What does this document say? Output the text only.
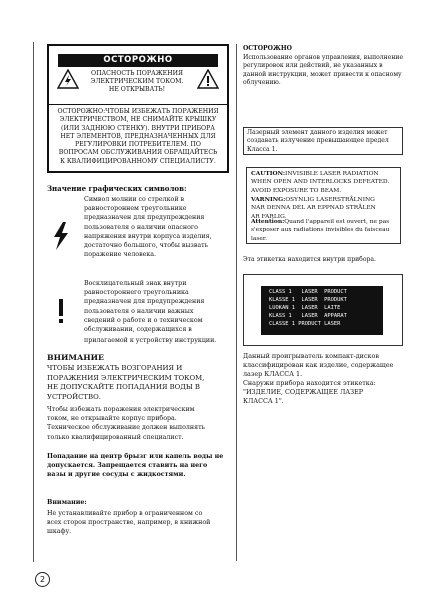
ОСТОРОЖНО
ОПАСНОСТЬ ПОРАЖЕНИЯ
ЭЛЕКТРИЧЕСКИМ ТОКОМ.
НЕ ОТКРЫВАТЬ!
ОСТОРОЖНО:ЧТОБЫ ИЗБЕЖАТЬ ПОРАЖЕНИЯ
ЭЛЕКТРИЧЕСТВОМ, НЕ СНИМАЙТЕ КРЫШКУ
(ИЛИ ЗАДНЮЮ СТЕНКУ). ВНУТРИ ПРИБОРА
НЕТ ЭЛЕМЕНТОВ, ПРЕДНАЗНАЧЕННЫХ ДЛЯ
РЕГУЛИРОВКИ ПОТРЕБИТЕЛЕМ. ПО
ВОПРОСАМ ОБСЛУЖИВАНИЯ ОБРАЩАЙТЕСЬ
К КВАЛИФИЦИРОВАННОМУ СПЕЦИАЛИСТУ.
Значение графических символов:
Символ молнии со стрелкой в
равностороннем треугольнике
предназначен для предупреждения
пользователя о наличии опасного
напряжения внутри корпуса изделия,
достаточно большого, чтобы вызвать
поражение человека.
Восклицательный знак внутри
равностороннего треугольника
предназначен для предупреждения
пользователя о наличии важных
сведений о работе и о техническом
обслуживании, содержащихся в
прилагаемой к устройству инструкции.
ВНИМАНИЕ
ЧТОБЫ ИЗБЕЖАТЬ ВОЗГОРАНИЯ И
ПОРАЖЕНИЯ ЭЛЕКТРИЧЕСКИМ ТОКОМ,
НЕ ДОПУСКАЙТЕ ПОПАДАНИЯ ВОДЫ В
УСТРОЙСТВО.
Чтобы избежать поражения электрическим
током, не открывайте корпус прибора.
Техническое обслуживание должен выполнять
только квалифицированный специалист.
Попадание на центр брызг или капель воды не
допускается. Запрещается ставить на него
вазы и другие сосуды с жидкостями.
Внимание:
Не устанавливайте прибор в ограниченном со
всех сторон пространстве, например, в книжной
шкафу.
ОСТОРОЖНО
Использование органов управления, выполнение
регулировок или действий, не указанных в
данной инструкции, может привести к опасному
облучению.
Лазерный элемент данного изделия может
создавать излучение превышающее предел
Класса 1.
CAUTION:INVISIBLE LASER RADIATION
WHEN OPEN AND INTERLOCKS DEFEATED.
AVOID EXPOSURE TO BEAM.
VARNING:OSYNLIG LASERSTRÅLNING
NAR DENNA DEL AR EPPNAD STRÅLEN
AR FARLIG.
Attention:Quand l'appareil est ouvert, ne pas
s'exposer aux radiations invisibles du faisceau
laser.
Эта этикетка находится внутри прибора.
CLASS 1   LASER  PRODUCT
KLASSE 1  LASER  PRODUKT
LUOKAN 1  LASER  LAITE
KLASS 1   LASER  APPARAT
CLASSE 1 PRODUCT LASER
Данный проигрыватель компакт-дисков
классифицирован как изделие, содержащее
лазер КЛАССА 1.
Снаружи прибора находится этикетка:
"ИЗДЕЛИЕ, СОДЕРЖАЩЕЕ ЛАЗЕР
КЛАССА 1".
2
